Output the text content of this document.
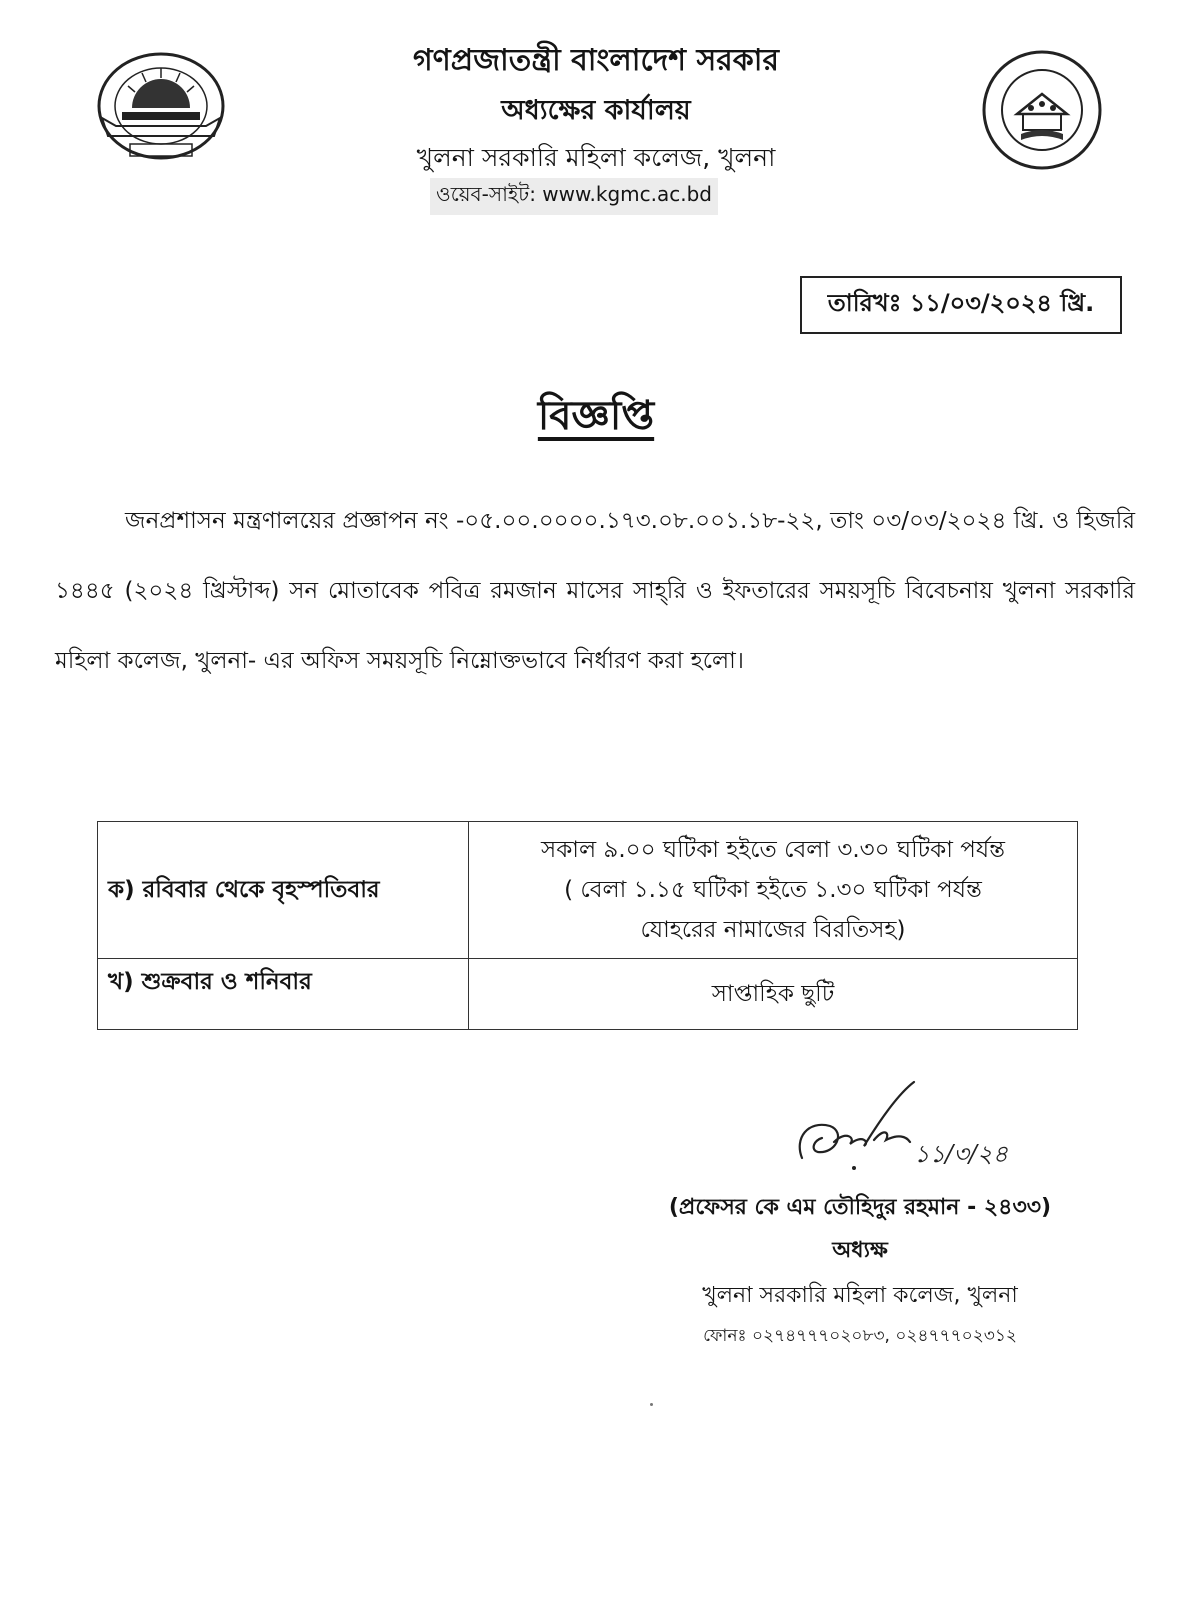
গণপ্রজাতন্ত্রী বাংলাদেশ সরকার
অধ্যক্ষের কার্যালয়
খুলনা সরকারি মহিলা কলেজ, খুলনা
ওয়েব-সাইট: www.kgmc.ac.bd
তারিখঃ ১১/০৩/২০২৪ খ্রি.
বিজ্ঞপ্তি
জনপ্রশাসন মন্ত্রণালয়ের প্রজ্ঞাপন নং -০৫.০০.০০০০.১৭৩.০৮.০০১.১৮-২২, তাং ০৩/০৩/২০২৪ খ্রি. ও হিজরি ১৪৪৫ (২০২৪ খ্রিস্টাব্দ) সন মোতাবেক পবিত্র রমজান মাসের সাহ্‌রি ও ইফতারের সময়সূচি বিবেচনায় খুলনা সরকারি মহিলা কলেজ, খুলনা- এর অফিস সময়সূচি নিম্নোক্তভাবে নির্ধারণ করা হলো।
ক) রবিবার থেকে বৃহস্পতিবার	সকাল ৯.০০ ঘটিকা হইতে বেলা ৩.৩০ ঘটিকা পর্যন্ত
( বেলা ১.১৫ ঘটিকা হইতে ১.৩০ ঘটিকা পর্যন্ত
যোহরের নামাজের বিরতিসহ)

খ) শুক্রবার ও শনিবার	সাপ্তাহিক ছুটি
১১/৩/২৪
(প্রফেসর কে এম তৌহিদুর রহমান - ২৪৩৩)
অধ্যক্ষ
খুলনা সরকারি মহিলা কলেজ, খুলনা
ফোনঃ ০২৭৪৭৭৭০২০৮৩, ০২৪৭৭৭০২৩১২
